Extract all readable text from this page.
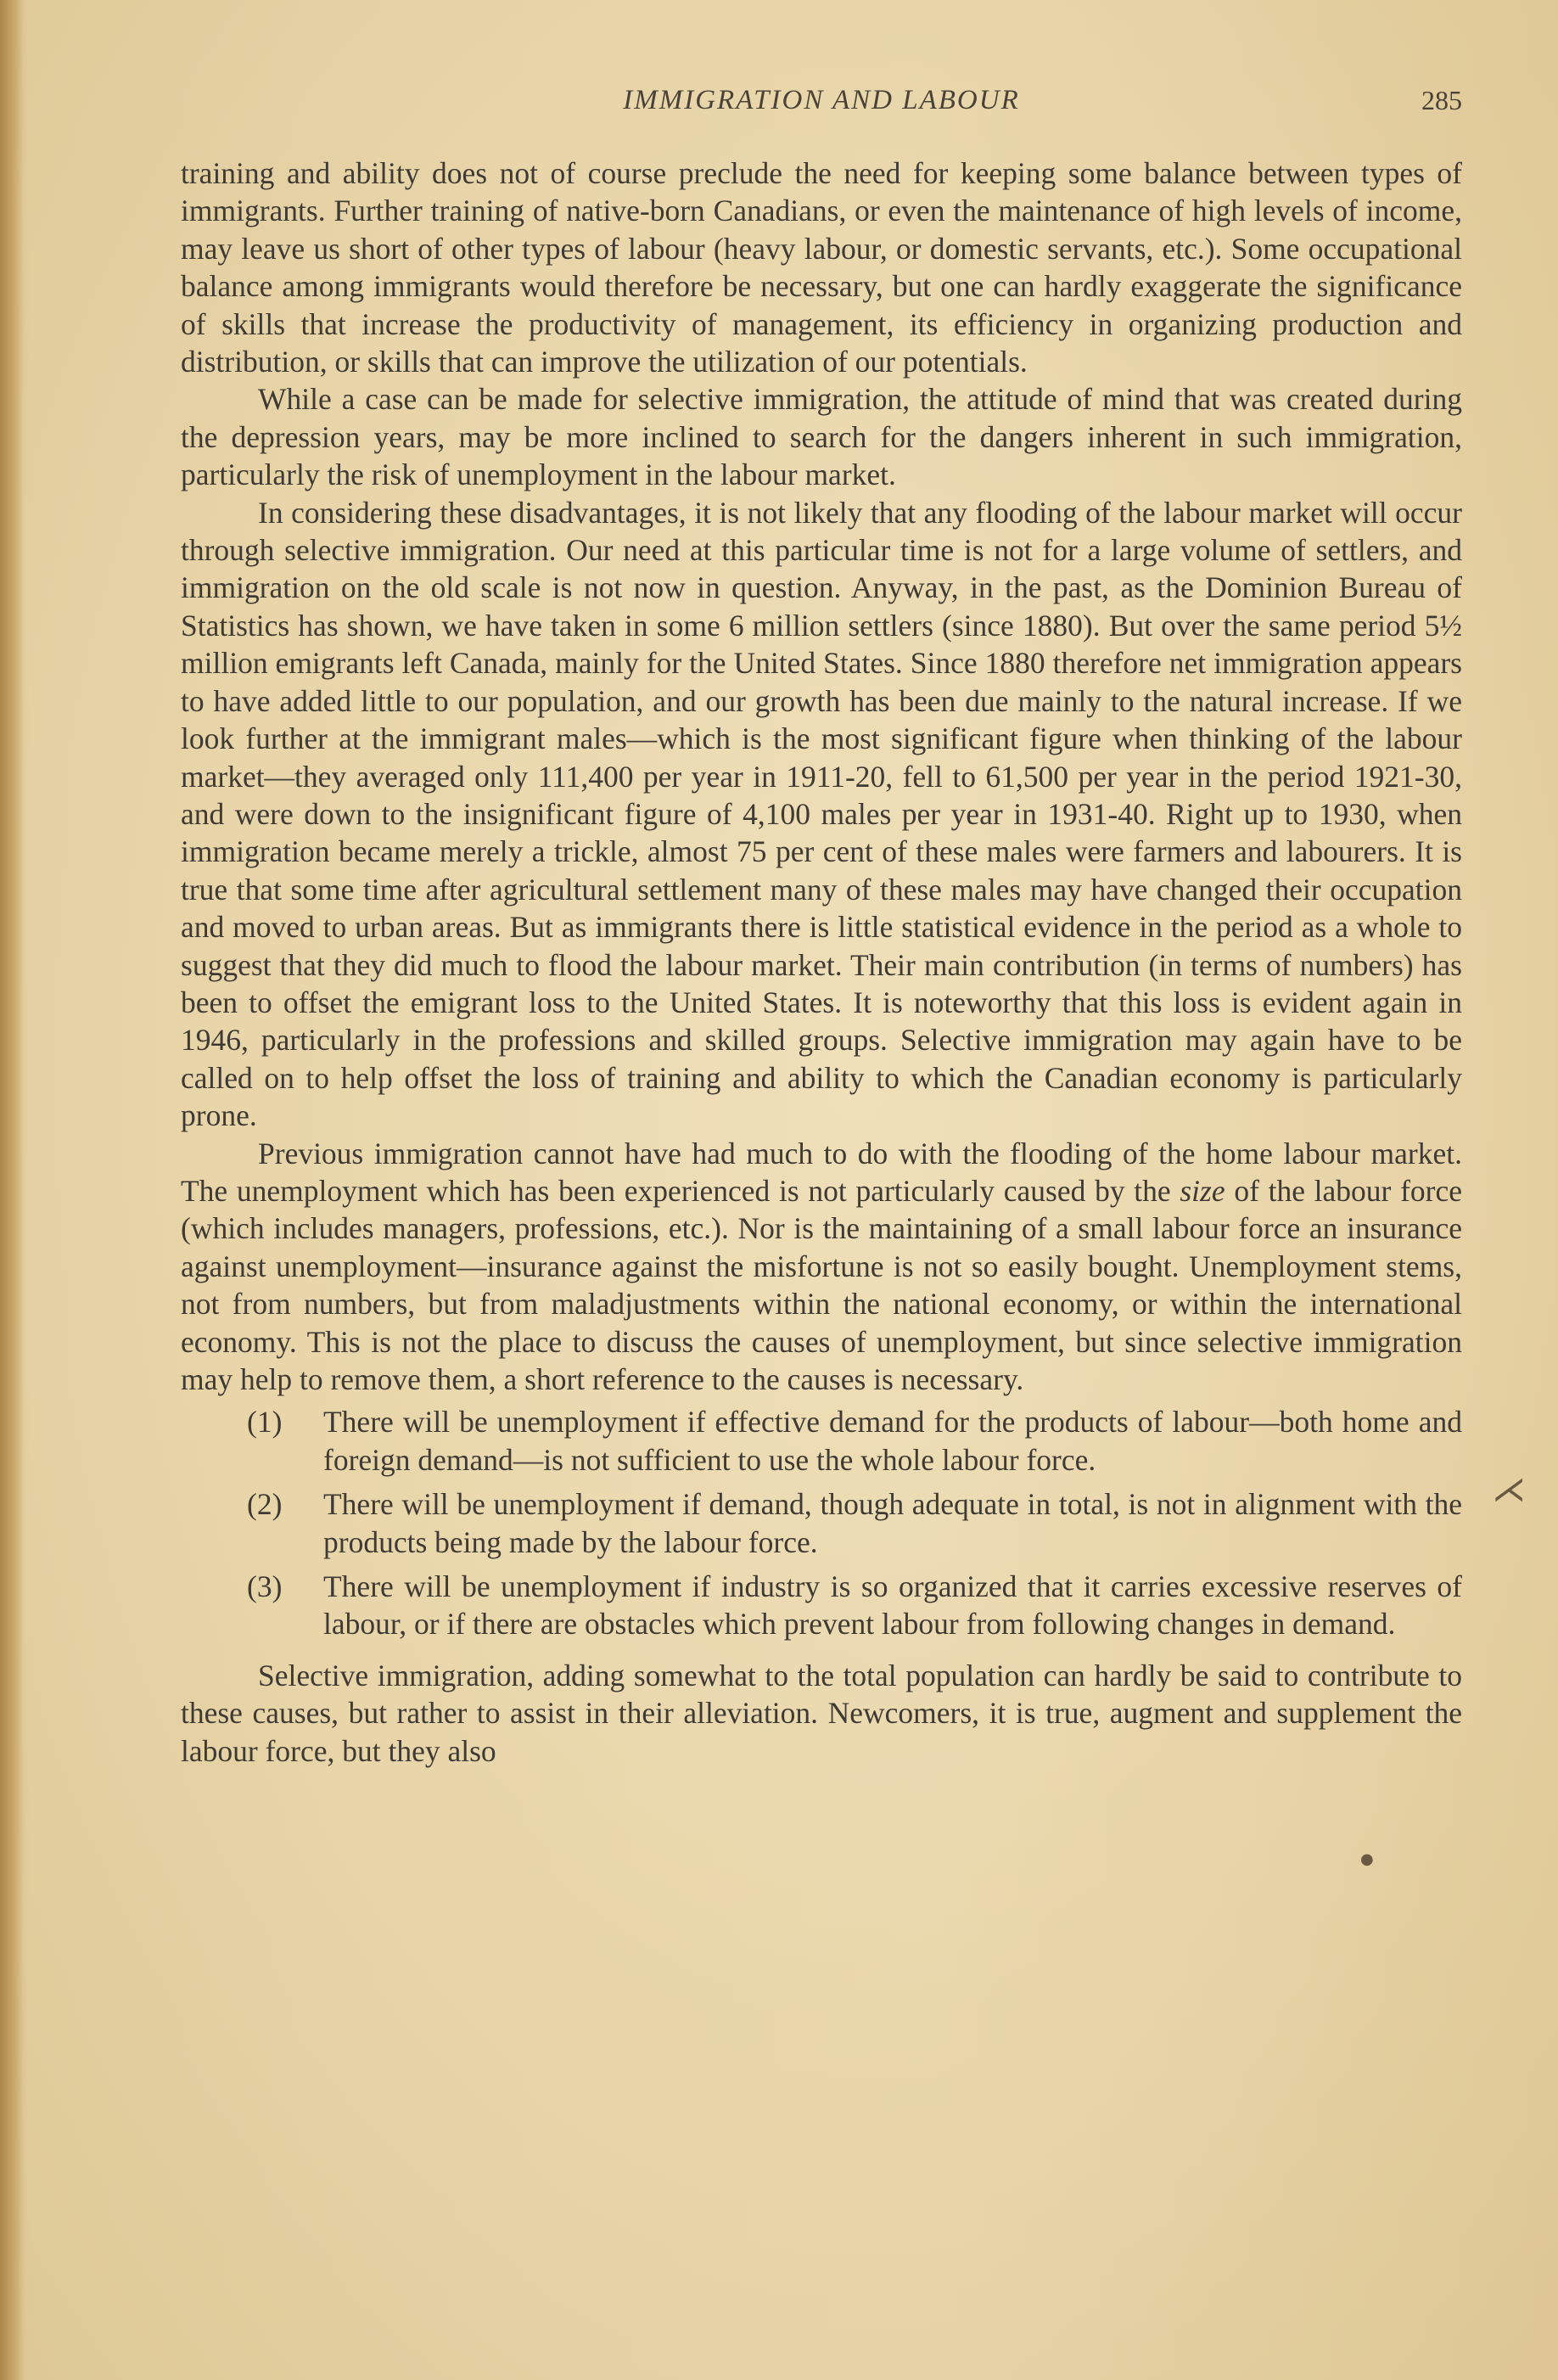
IMMIGRATION AND LABOUR	285

training and ability does not of course preclude the need for keeping some balance between types of immigrants. Further training of native-born Canadians, or even the maintenance of high levels of income, may leave us short of other types of labour (heavy labour, or domestic servants, etc.). Some occupational balance among immigrants would therefore be necessary, but one can hardly exaggerate the significance of skills that increase the productivity of management, its efficiency in organizing production and distribution, or skills that can improve the utilization of our potentials.

While a case can be made for selective immigration, the attitude of mind that was created during the depression years, may be more inclined to search for the dangers inherent in such immigration, particularly the risk of unemployment in the labour market.

In considering these disadvantages, it is not likely that any flooding of the labour market will occur through selective immigration. Our need at this particular time is not for a large volume of settlers, and immigration on the old scale is not now in question. Anyway, in the past, as the Dominion Bureau of Statistics has shown, we have taken in some 6 million settlers (since 1880). But over the same period 5½ million emigrants left Canada, mainly for the United States. Since 1880 therefore net immigration appears to have added little to our population, and our growth has been due mainly to the natural increase. If we look further at the immigrant males—which is the most significant figure when thinking of the labour market—they averaged only 111,400 per year in 1911-20, fell to 61,500 per year in the period 1921-30, and were down to the insignificant figure of 4,100 males per year in 1931-40. Right up to 1930, when immigration became merely a trickle, almost 75 per cent of these males were farmers and labourers. It is true that some time after agricultural settlement many of these males may have changed their occupation and moved to urban areas. But as immigrants there is little statistical evidence in the period as a whole to suggest that they did much to flood the labour market. Their main contribution (in terms of numbers) has been to offset the emigrant loss to the United States. It is noteworthy that this loss is evident again in 1946, particularly in the professions and skilled groups. Selective immigration may again have to be called on to help offset the loss of training and ability to which the Canadian economy is particularly prone.

Previous immigration cannot have had much to do with the flooding of the home labour market. The unemployment which has been experienced is not particularly caused by the size of the labour force (which includes managers, professions, etc.). Nor is the maintaining of a small labour force an insurance against unemployment—insurance against the misfortune is not so easily bought. Unemployment stems, not from numbers, but from maladjustments within the national economy, or within the international economy. This is not the place to discuss the causes of unemployment, but since selective immigration may help to remove them, a short reference to the causes is necessary.

(1) There will be unemployment if effective demand for the products of labour—both home and foreign demand—is not sufficient to use the whole labour force.
(2) There will be unemployment if demand, though adequate in total, is not in alignment with the products being made by the labour force.
(3) There will be unemployment if industry is so organized that it carries excessive reserves of labour, or if there are obstacles which prevent labour from following changes in demand.

Selective immigration, adding somewhat to the total population can hardly be said to contribute to these causes, but rather to assist in their alleviation. Newcomers, it is true, augment and supplement the labour force, but they also

⋌
●
